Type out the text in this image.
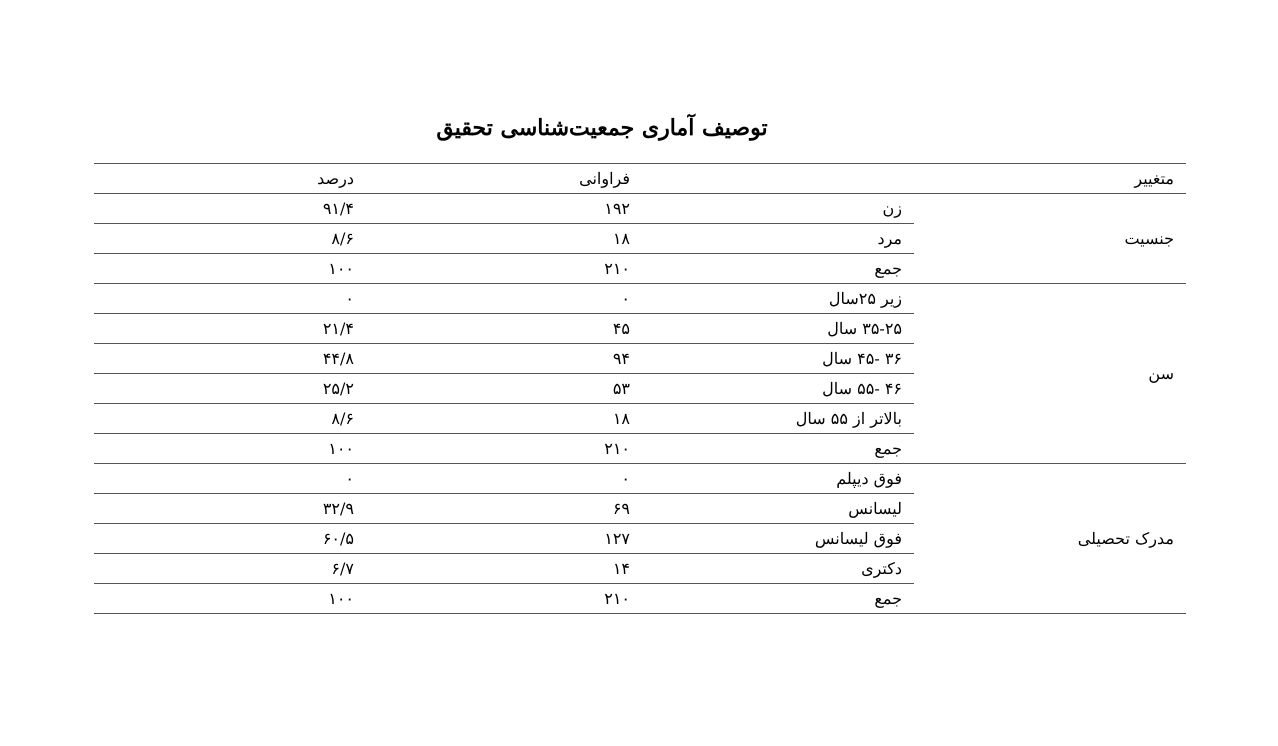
توصیف آماری جمعیت‌شناسی تحقیق
متغییر		فراوانی	درصد
جنسیت	زن	۱۹۲	۹۱/۴
	مرد	۱۸	۸/۶
	جمع	۲۱۰	۱۰۰
سن	زیر ۲۵سال	۰	۰
	۳۵-۲۵ سال	۴۵	۲۱/۴
	۳۶ -۴۵ سال	۹۴	۴۴/۸
	۴۶ -۵۵ سال	۵۳	۲۵/۲
	بالاتر از ۵۵ سال	۱۸	۸/۶
	جمع	۲۱۰	۱۰۰
مدرک تحصیلی	فوق دیپلم	۰	۰
	لیسانس	۶۹	۳۲/۹
	فوق لیسانس	۱۲۷	۶۰/۵
	دکتری	۱۴	۶/۷
	جمع	۲۱۰	۱۰۰
